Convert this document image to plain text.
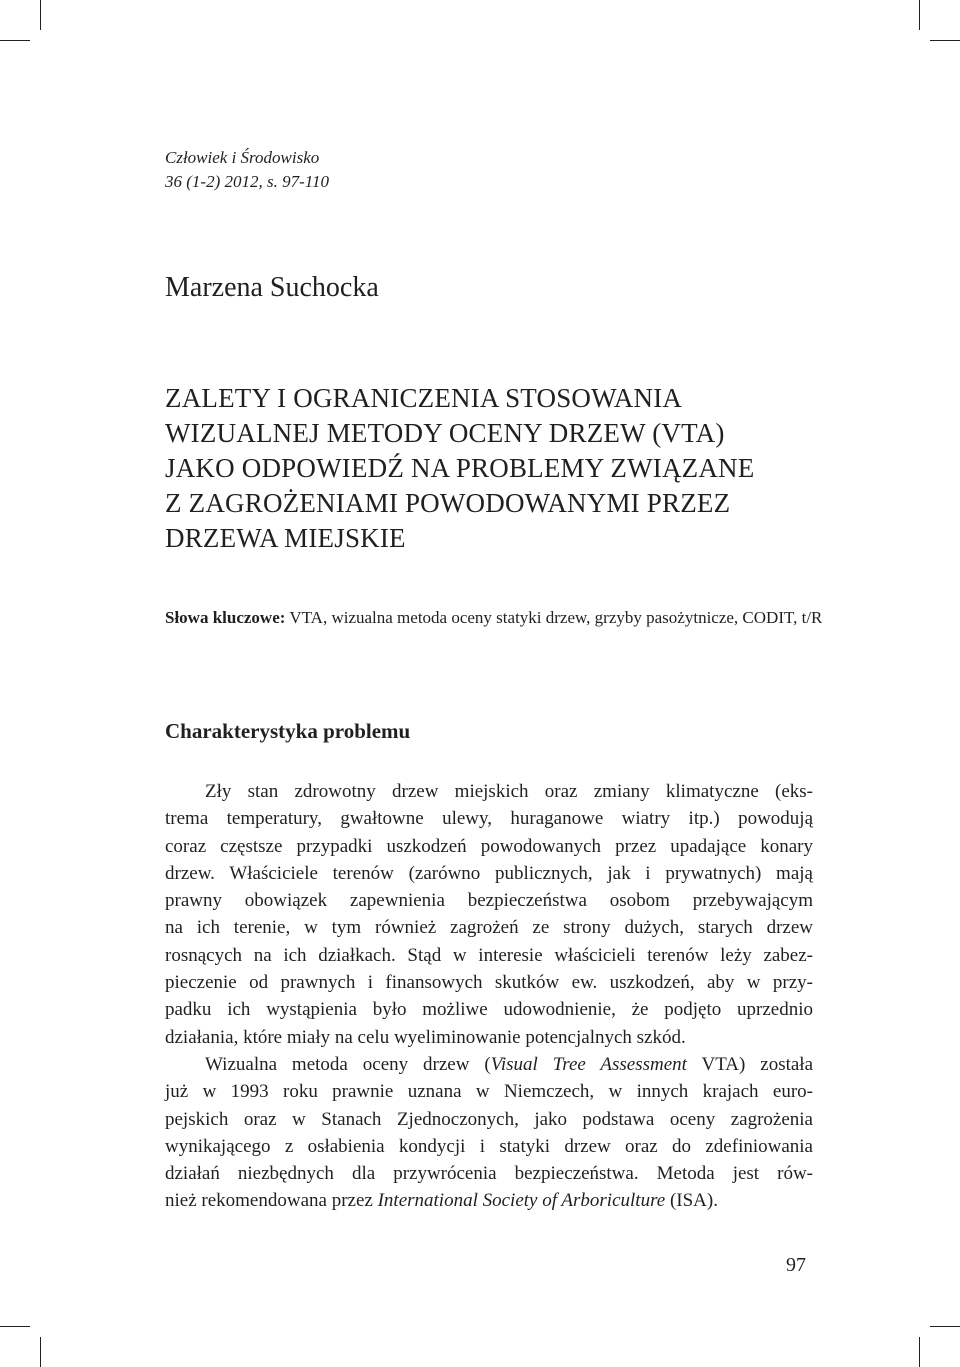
Człowiek i Środowisko
36 (1-2) 2012, s. 97-110
Marzena Suchocka
ZALETY I OGRANICZENIA STOSOWANIA
WIZUALNEJ METODY OCENY DRZEW (VTA)
JAKO ODPOWIEDŹ NA PROBLEMY ZWIĄZANE
Z ZAGROŻENIAMI POWODOWANYMI PRZEZ
DRZEWA MIEJSKIE
Słowa kluczowe: VTA, wizualna metoda oceny statyki drzew, grzyby pasożytnicze, CODIT, t/R
Charakterystyka problemu
Zły stan zdrowotny drzew miejskich oraz zmiany klimatyczne (eks-
trema temperatury, gwałtowne ulewy, huraganowe wiatry itp.) powodują
coraz częstsze przypadki uszkodzeń powodowanych przez upadające konary
drzew. Właściciele terenów (zarówno publicznych, jak i prywatnych) mają
prawny obowiązek zapewnienia bezpieczeństwa osobom przebywającym
na ich terenie, w tym również zagrożeń ze strony dużych, starych drzew
rosnących na ich działkach. Stąd w interesie właścicieli terenów leży zabez-
pieczenie od prawnych i finansowych skutków ew. uszkodzeń, aby w przy-
padku ich wystąpienia było możliwe udowodnienie, że podjęto uprzednio
działania, które miały na celu wyeliminowanie potencjalnych szkód.
Wizualna metoda oceny drzew (Visual Tree Assessment VTA) została
już w 1993 roku prawnie uznana w Niemczech, w innych krajach euro-
pejskich oraz w Stanach Zjednoczonych, jako podstawa oceny zagrożenia
wynikającego z osłabienia kondycji i statyki drzew oraz do zdefiniowania
działań niezbędnych dla przywrócenia bezpieczeństwa. Metoda jest rów-
nież rekomendowana przez International Society of Arboriculture (ISA).
97
